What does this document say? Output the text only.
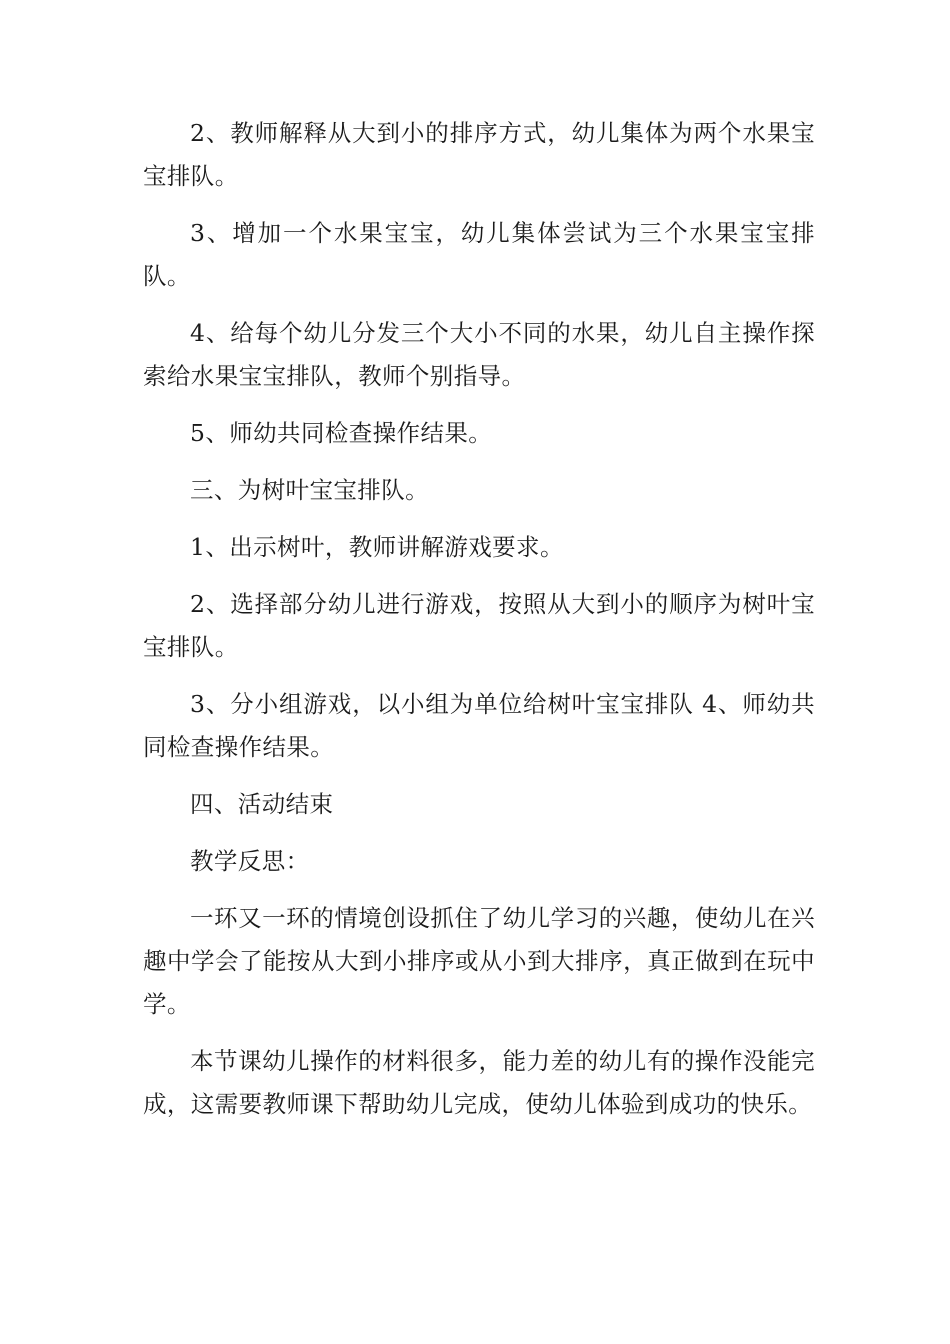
2、教师解释从大到小的排序方式，幼儿集体为两个水果宝宝排队。

3、增加一个水果宝宝，幼儿集体尝试为三个水果宝宝排队。

4、给每个幼儿分发三个大小不同的水果，幼儿自主操作探索给水果宝宝排队，教师个别指导。

5、师幼共同检查操作结果。

三、为树叶宝宝排队。

1、出示树叶，教师讲解游戏要求。

2、选择部分幼儿进行游戏，按照从大到小的顺序为树叶宝宝排队。

3、分小组游戏，以小组为单位给树叶宝宝排队 4、师幼共同检查操作结果。

四、活动结束

教学反思：

一环又一环的情境创设抓住了幼儿学习的兴趣，使幼儿在兴趣中学会了能按从大到小排序或从小到大排序，真正做到在玩中学。

本节课幼儿操作的材料很多，能力差的幼儿有的操作没能完成，这需要教师课下帮助幼儿完成，使幼儿体验到成功的快乐。
